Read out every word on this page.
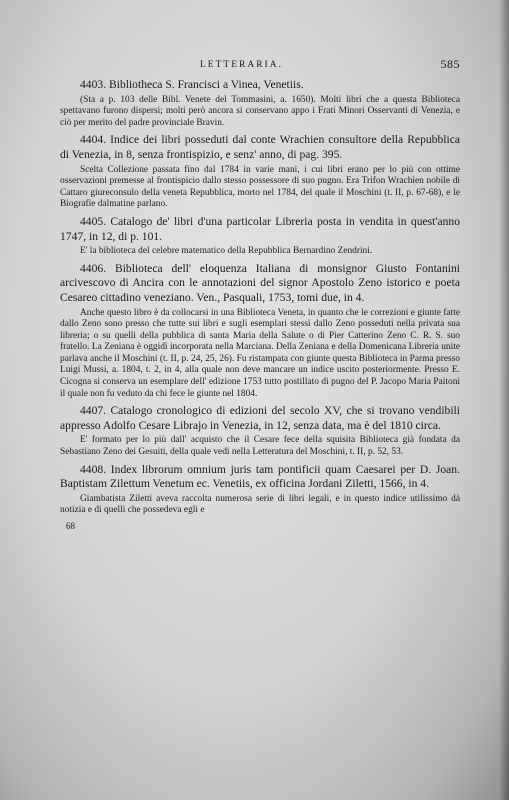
LETTERARIA.	585

4403. Bibliotheca S. Francisci a Vinea, Venetiis.

(Sta a p. 103 delle Bibl. Venete del Tommasini, a. 1650). Molti libri che a questa Biblioteca spettavano furono dispersi; molti però ancora si conservano appo i Frati Minori Osservanti di Venezia, e ciò per merito del padre provinciale Bravin.

4404. Indice dei libri posseduti dal conte Wrachien consultore della Repubblica di Venezia, in 8, senza frontispizio, e senz' anno, di pag. 395.

Scelta Collezione passata fino dal 1784 in varie mani, i cui libri erano per lo più con ottime osservazioni premesse al frontispicio dallo stesso possessore di suo pugno. Era Trifon Wrachien nobile di Cattaro giureconsulo della veneta Repubblica, morto nel 1784, del quale il Moschini (t. II, p. 67-68), e le Biografie dalmatine parlano.

4405. Catalogo de' libri d'una particolar Libreria posta in vendita in quest'anno 1747, in 12, di p. 101.

E' la biblioteca del celebre matematico della Repubblica Bernardino Zendrini.

4406. Biblioteca dell' eloquenza Italiana di monsignor Giusto Fontanini arcivescovo di Ancira con le annotazioni del signor Apostolo Zeno istorico e poeta Cesareo cittadino veneziano. Ven., Pasquali, 1753, tomi due, in 4.

Anche questo libro è da collocarsi in una Biblioteca Veneta, in quanto che le correzioni e giunte fatte dallo Zeno sono presso che tutte sui libri e sugli esemplari stessi dallo Zeno posseduti nella privata sua libreria; o su quelli della pubblica di santa Maria della Salute o di Pier Catterino Zeno C. R. S. suo fratello. La Zeniana è oggidì incorporata nella Marciana. Della Zeniana e della Domenicana Libreria unite parlava anche il Moschini (t. II, p. 24, 25, 26). Fu ristampata con giunte questa Biblioteca in Parma presso Luigi Mussi, a. 1804, t. 2, in 4, alla quale non deve mancare un indice uscito posteriormente. Presso E. Cicogna si conserva un esemplare dell' edizione 1753 tutto postillato di pugno del P. Jacopo Maria Paitoni il quale non fu veduto da chi fece le giunte nel 1804.

4407. Catalogo cronologico di edizioni del secolo XV, che si trovano vendibili appresso Adolfo Cesare Librajo in Venezia, in 12, senza data, ma è del 1810 circa.

E' formato per lo più dall' acquisto che il Cesare fece della squisita Biblioteca già fondata da Sebastiano Zeno dei Gesuiti, della quale vedi nella Letteratura del Moschini, t. II, p. 52, 53.

4408. Index librorum omnium juris tam pontificii quam Caesarei per D. Joan. Baptistam Zilettum Venetum ec. Venetiis, ex officina Jordani Ziletti, 1566, in 4.

Giambatista Ziletti aveva raccolta numerosa serie di libri legali, e in questo indice utilissimo dà notizia e di quelli che possedeva egli e

68
